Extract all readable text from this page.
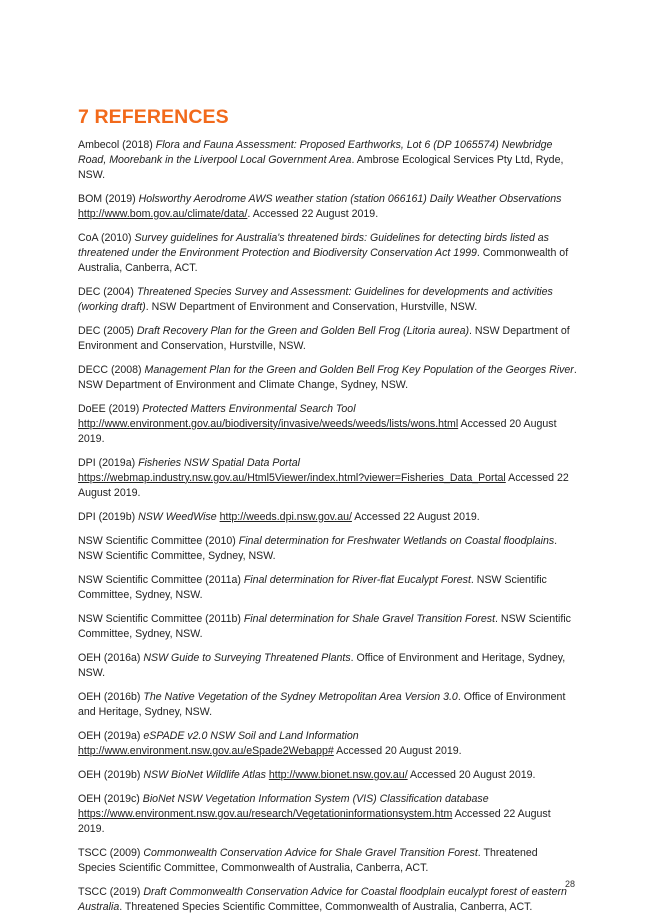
7 REFERENCES

Ambecol (2018) Flora and Fauna Assessment: Proposed Earthworks, Lot 6 (DP 1065574) Newbridge Road, Moorebank in the Liverpool Local Government Area. Ambrose Ecological Services Pty Ltd, Ryde, NSW.

BOM (2019) Holsworthy Aerodrome AWS weather station (station 066161) Daily Weather Observations http://www.bom.gov.au/climate/data/. Accessed 22 August 2019.

CoA (2010) Survey guidelines for Australia's threatened birds: Guidelines for detecting birds listed as threatened under the Environment Protection and Biodiversity Conservation Act 1999. Commonwealth of Australia, Canberra, ACT.

DEC (2004) Threatened Species Survey and Assessment: Guidelines for developments and activities (working draft). NSW Department of Environment and Conservation, Hurstville, NSW.

DEC (2005) Draft Recovery Plan for the Green and Golden Bell Frog (Litoria aurea). NSW Department of Environment and Conservation, Hurstville, NSW.

DECC (2008) Management Plan for the Green and Golden Bell Frog Key Population of the Georges River. NSW Department of Environment and Climate Change, Sydney, NSW.

DoEE (2019) Protected Matters Environmental Search Tool http://www.environment.gov.au/biodiversity/invasive/weeds/weeds/lists/wons.html Accessed 20 August 2019.

DPI (2019a) Fisheries NSW Spatial Data Portal https://webmap.industry.nsw.gov.au/Html5Viewer/index.html?viewer=Fisheries_Data_Portal Accessed 22 August 2019.

DPI (2019b) NSW WeedWise http://weeds.dpi.nsw.gov.au/ Accessed 22 August 2019.

NSW Scientific Committee (2010) Final determination for Freshwater Wetlands on Coastal floodplains. NSW Scientific Committee, Sydney, NSW.

NSW Scientific Committee (2011a) Final determination for River-flat Eucalypt Forest. NSW Scientific Committee, Sydney, NSW.

NSW Scientific Committee (2011b) Final determination for Shale Gravel Transition Forest. NSW Scientific Committee, Sydney, NSW.

OEH (2016a) NSW Guide to Surveying Threatened Plants. Office of Environment and Heritage, Sydney, NSW.

OEH (2016b) The Native Vegetation of the Sydney Metropolitan Area Version 3.0. Office of Environment and Heritage, Sydney, NSW.

OEH (2019a) eSPADE v2.0 NSW Soil and Land Information http://www.environment.nsw.gov.au/eSpade2Webapp# Accessed 20 August 2019.

OEH (2019b) NSW BioNet Wildlife Atlas http://www.bionet.nsw.gov.au/ Accessed 20 August 2019.

OEH (2019c) BioNet NSW Vegetation Information System (VIS) Classification database https://www.environment.nsw.gov.au/research/Vegetationinformationsystem.htm Accessed 22 August 2019.

TSCC (2009) Commonwealth Conservation Advice for Shale Gravel Transition Forest. Threatened Species Scientific Committee, Commonwealth of Australia, Canberra, ACT.

TSCC (2019) Draft Commonwealth Conservation Advice for Coastal floodplain eucalypt forest of eastern Australia. Threatened Species Scientific Committee, Commonwealth of Australia, Canberra, ACT.

28
